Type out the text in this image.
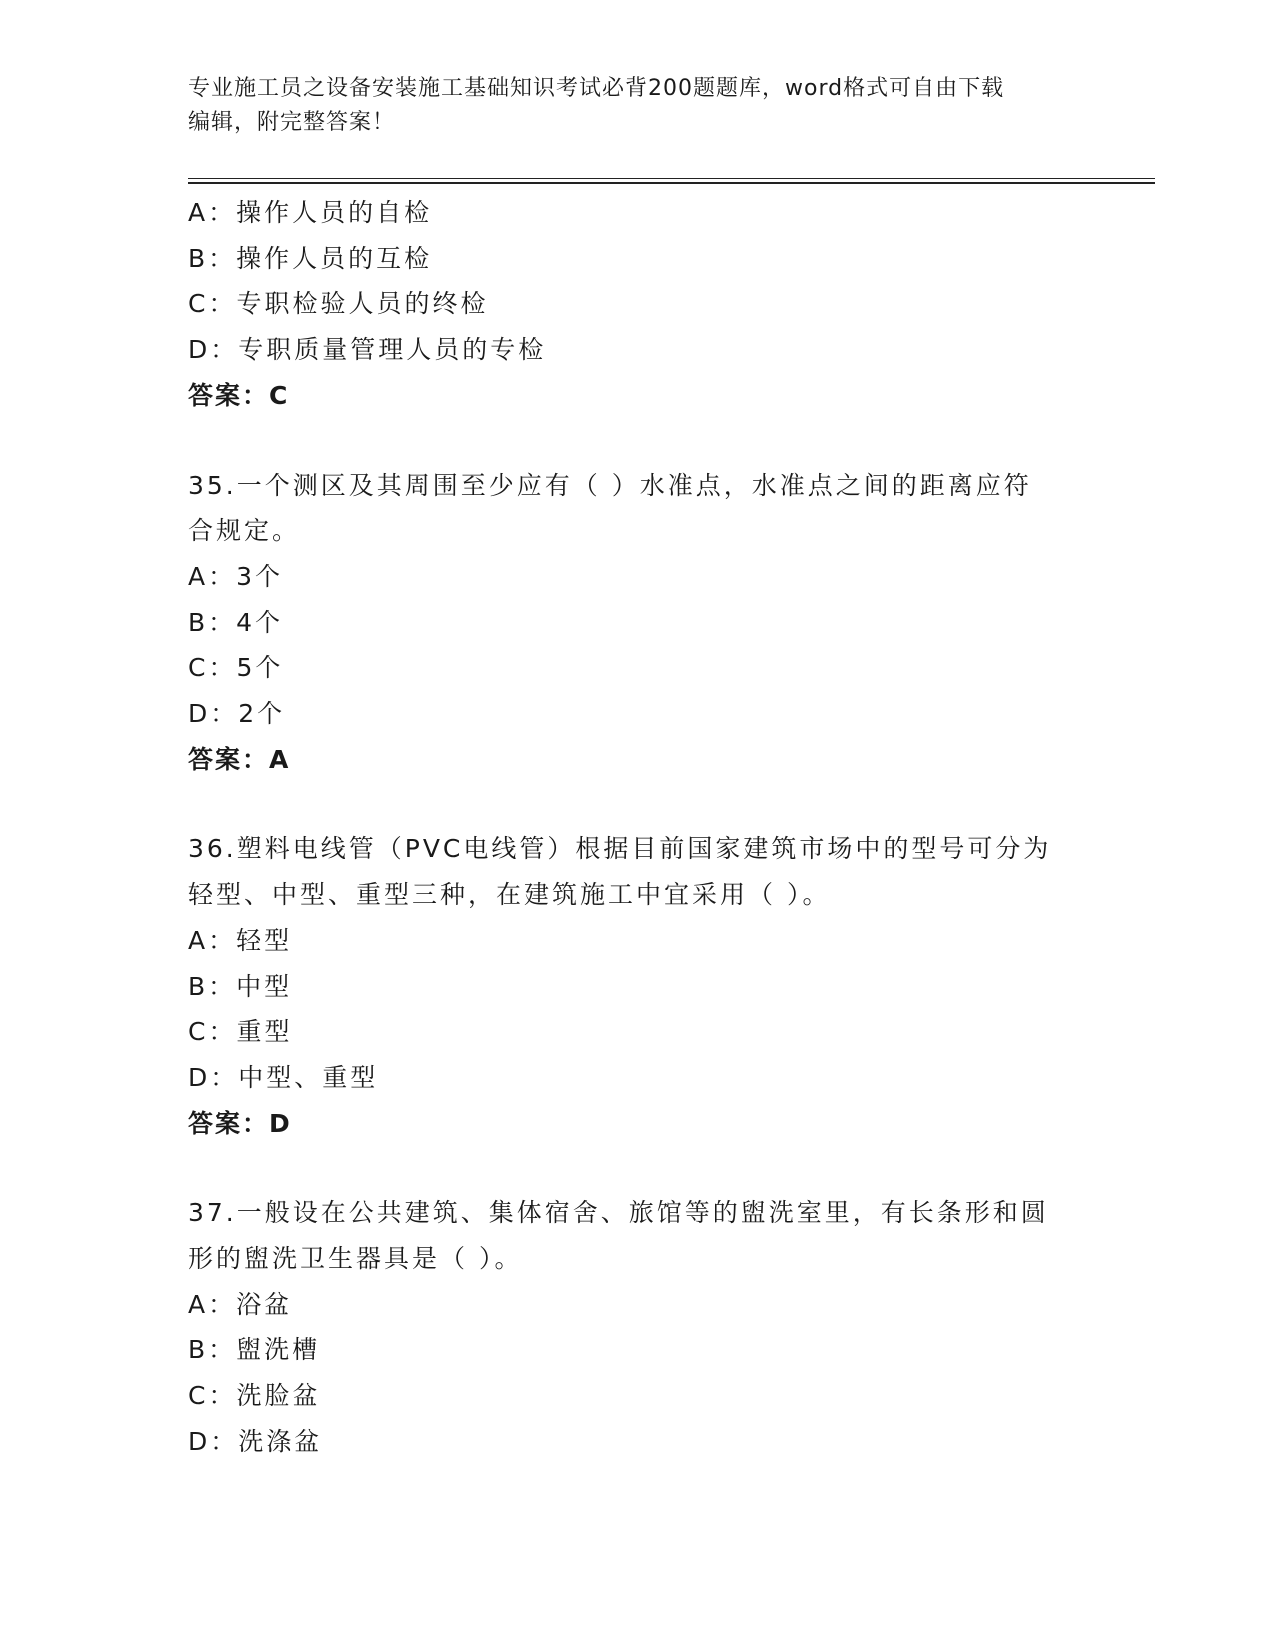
专业施工员之设备安装施工基础知识考试必背200题题库，word格式可自由下载
编辑，附完整答案！
A：操作人员的自检
B：操作人员的互检
C：专职检验人员的终检
D：专职质量管理人员的专检
答案：C
35.一个测区及其周围至少应有（ ）水准点，水准点之间的距离应符
合规定。
A：3个
B：4个
C：5个
D：2个
答案：A
36.塑料电线管（PVC电线管）根据目前国家建筑市场中的型号可分为
轻型、中型、重型三种，在建筑施工中宜采用（ ）。
A：轻型
B：中型
C：重型
D：中型、重型
答案：D
37.一般设在公共建筑、集体宿舍、旅馆等的盥洗室里，有长条形和圆
形的盥洗卫生器具是（ ）。
A：浴盆
B：盥洗槽
C：洗脸盆
D：洗涤盆
